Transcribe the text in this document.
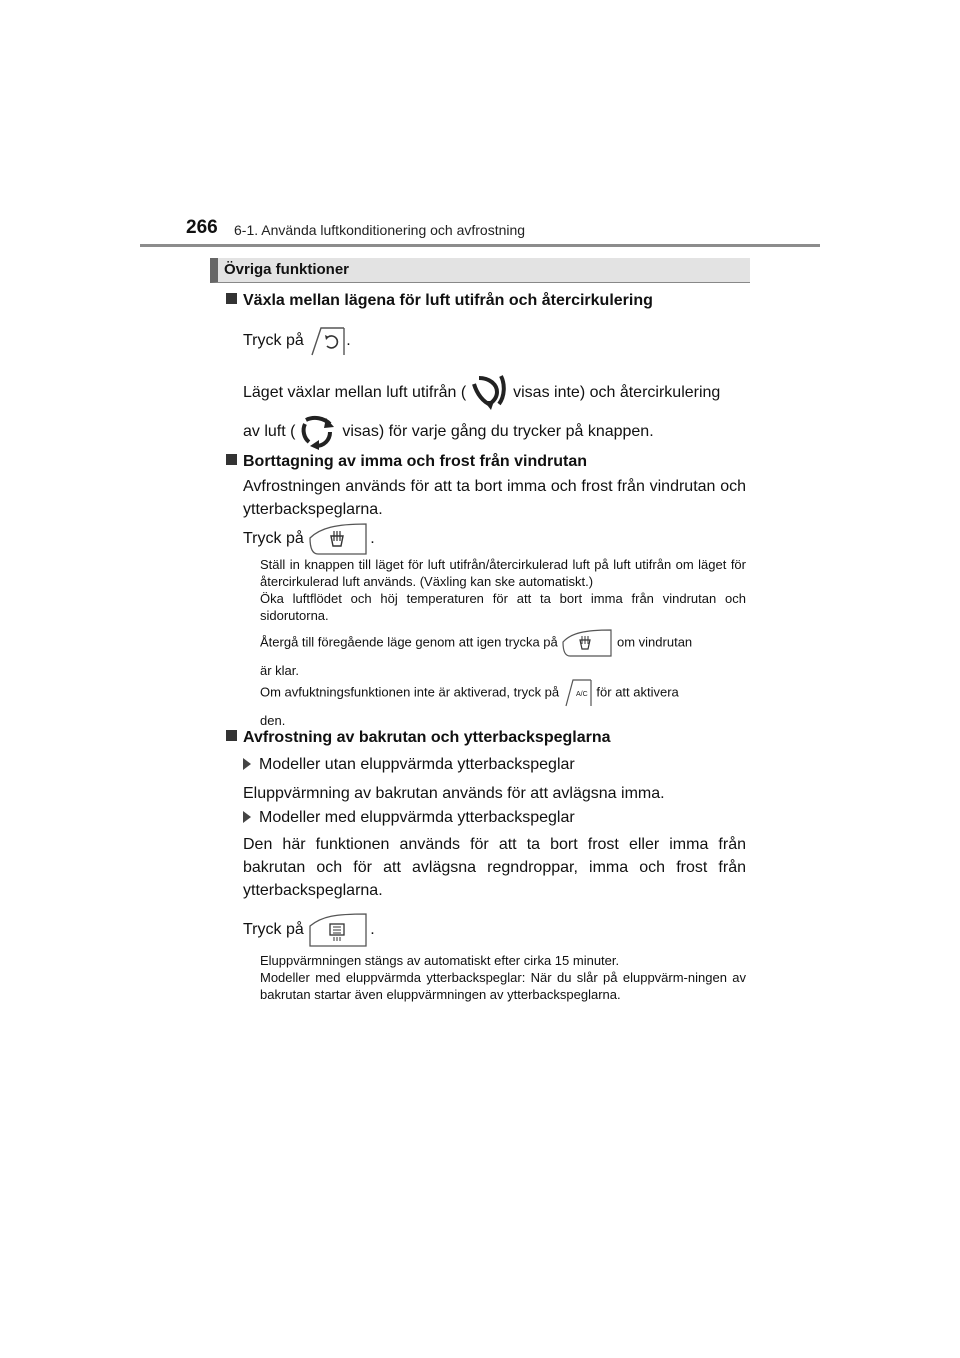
266 6-1. Använda luftkonditionering och avfrostning
Övriga funktioner
Växla mellan lägena för luft utifrån och återcirkulering
Tryck på	.
Läget växlar mellan luft utifrån (	visas inte) och återcirkulering
av luft (	visas) för varje gång du trycker på knappen.
Borttagning av imma och frost från vindrutan
Avfrostningen används för att ta bort imma och frost från vindrutan och ytterbackspeglarna.
Tryck på	.
Ställ in knappen till läget för luft utifrån/återcirkulerad luft på luft utifrån om läget för återcirkulerad luft används. (Växling kan ske automatiskt.)
Öka luftflödet och höj temperaturen för att ta bort imma från vindrutan och sidorutorna.
Återgå till föregående läge genom att igen trycka på	om vindrutan
är klar.
Om avfuktningsfunktionen inte är aktiverad, tryck på A/C för att aktivera
den.
Avfrostning av bakrutan och ytterbackspeglarna
Modeller utan eluppvärmda ytterbackspeglar
Eluppvärmning av bakrutan används för att avlägsna imma.
Modeller med eluppvärmda ytterbackspeglar
Den här funktionen används för att ta bort frost eller imma från bakrutan och för att avlägsna regndroppar, imma och frost från ytterbackspeglarna.
Tryck på	.
Eluppvärmningen stängs av automatiskt efter cirka 15 minuter.
Modeller med eluppvärmda ytterbackspeglar: När du slår på eluppvärm-ningen av bakrutan startar även eluppvärmningen av ytterbackspeglarna.
